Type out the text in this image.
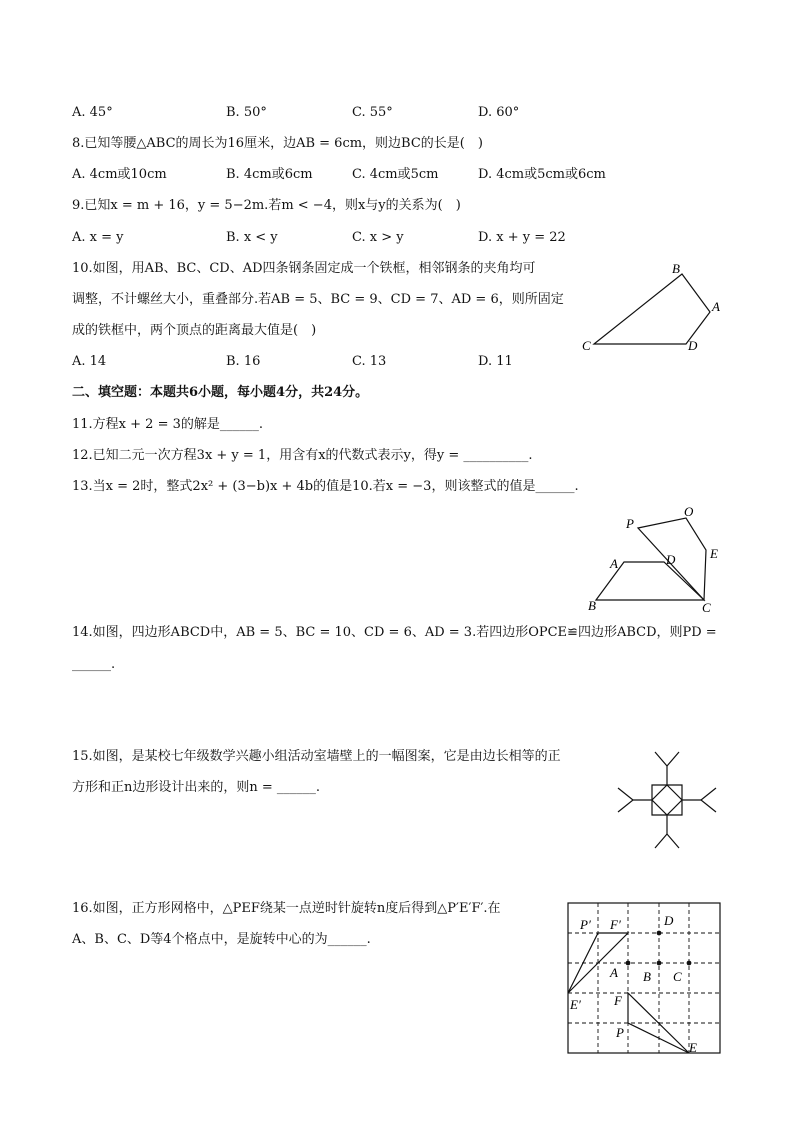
A. 45°	B. 50°	C. 55°	D. 60°
8.已知等腰△ABC的周长为16厘米，边AB = 6cm，则边BC的长是(　)
A. 4cm或10cm	B. 4cm或6cm	C. 4cm或5cm	D. 4cm或5cm或6cm
9.已知x = m + 16，y = 5−2m.若m < −4，则x与y的关系为(　)
A. x = y	B. x < y	C. x > y	D. x + y = 22
10.如图，用AB、BC、CD、AD四条钢条固定成一个铁框，相邻钢条的夹角均可
调整，不计螺丝大小，重叠部分.若AB = 5、BC = 9、CD = 7、AD = 6，则所固定
成的铁框中，两个顶点的距离最大值是(　)
A. 14	B. 16	C. 13	D. 11
B
A
C	D
二、填空题：本题共6小题，每小题4分，共24分。
11.方程x + 2 = 3的解是______.
12.已知二元一次方程3x + y = 1，用含有x的代数式表示y，得y = __________.
13.当x = 2时，整式2x² + (3−b)x + 4b的值是10.若x = −3，则该整式的值是______.
O
P
E
A	D
B	C
14.如图，四边形ABCD中，AB = 5、BC = 10、CD = 6、AD = 3.若四边形OPCE≌四边形ABCD，则PD =
______.
15.如图，是某校七年级数学兴趣小组活动室墙壁上的一幅图案，它是由边长相等的正
方形和正n边形设计出来的，则n = ______.
16.如图，正方形网格中，△PEF绕某一点逆时针旋转n度后得到△P′E′F′.在
A、B、C、D等4个格点中，是旋转中心的为______.
P′ F′	D
A B C
E′	F
P
E
